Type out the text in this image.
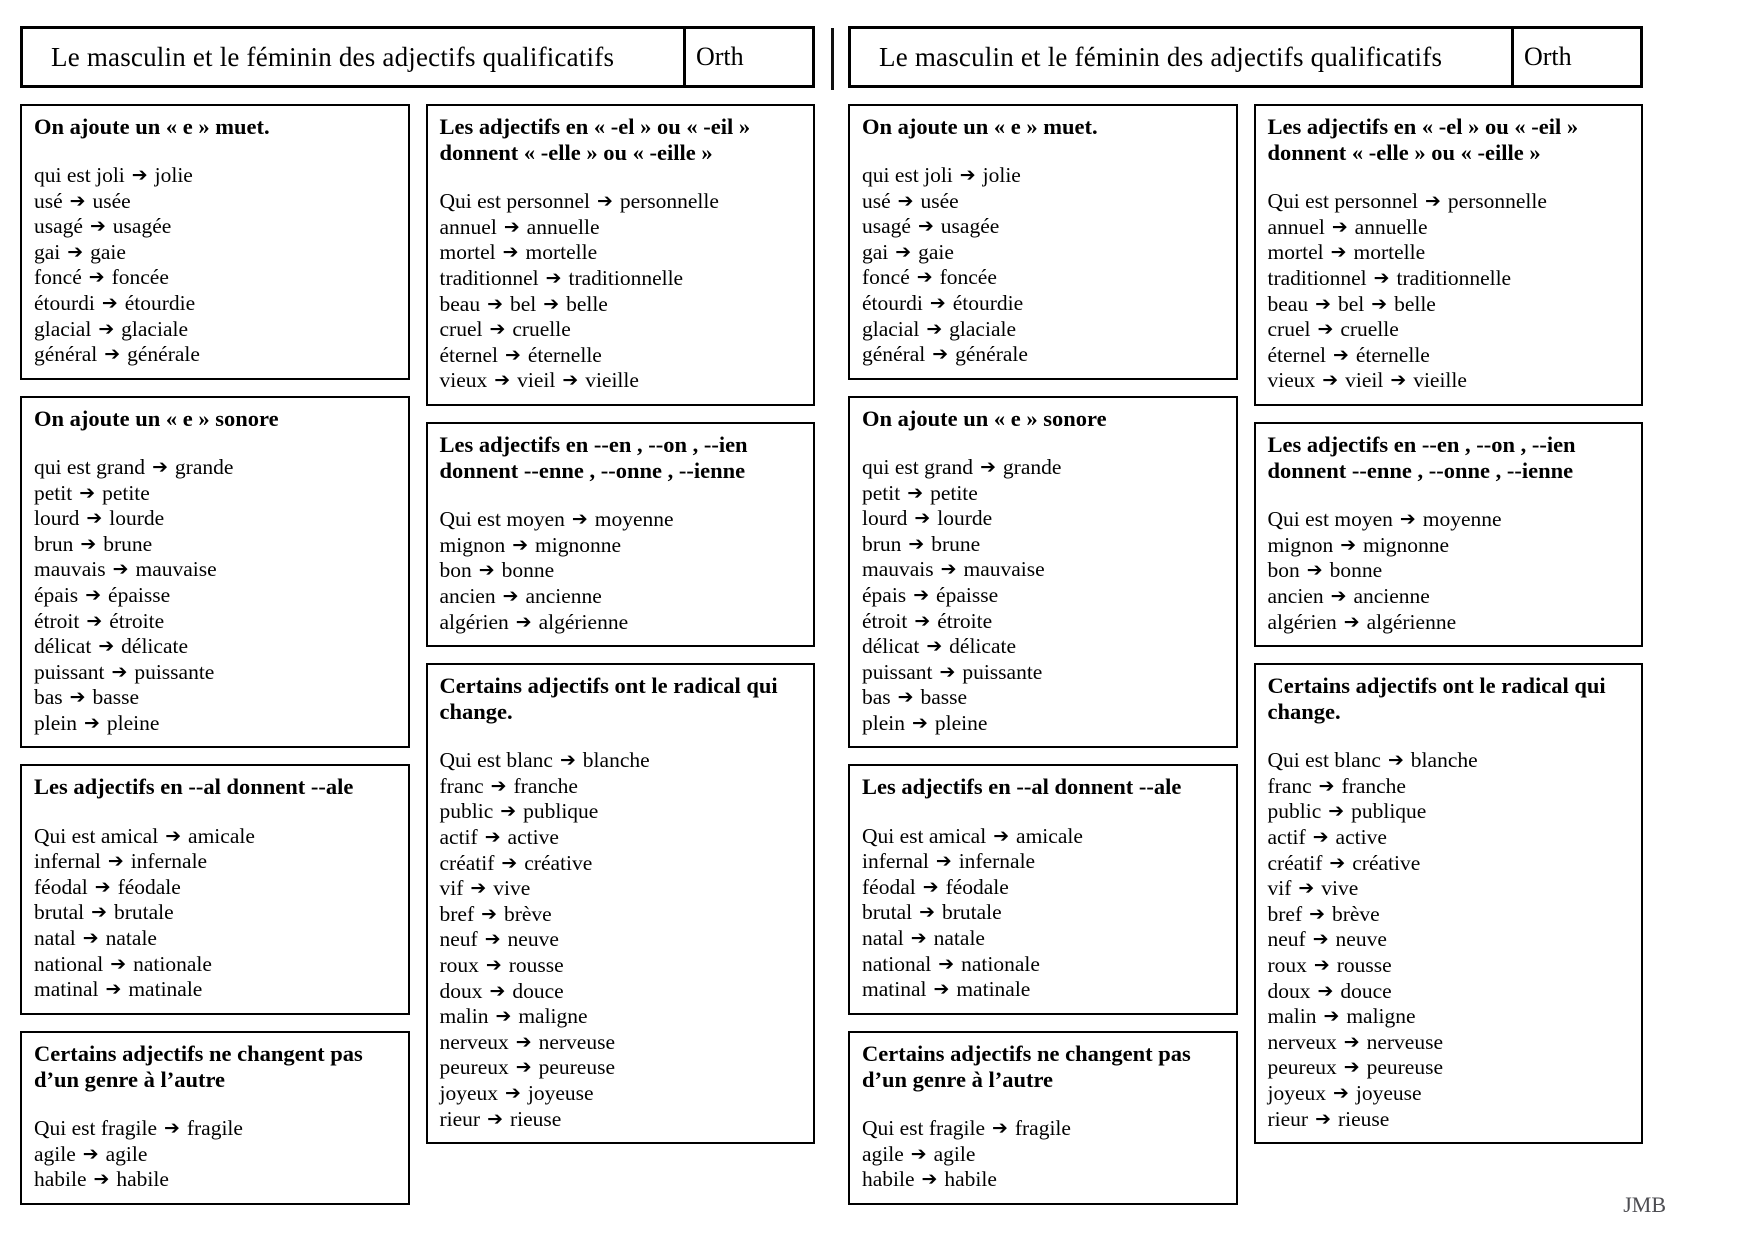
Le masculin et le féminin des adjectifs qualificatifs	Orth
On ajoute un « e » muet.
qui est joli ➔ jolie
usé ➔ usée
usagé ➔ usagée
gai ➔ gaie
foncé ➔ foncée
étourdi ➔ étourdie
glacial ➔ glaciale
général ➔ générale
On ajoute un « e » sonore
qui est grand ➔ grande
petit ➔ petite
lourd ➔ lourde
brun ➔ brune
mauvais ➔ mauvaise
épais ➔ épaisse
étroit ➔ étroite
délicat ➔ délicate
puissant ➔ puissante
bas ➔ basse
plein ➔ pleine
Les adjectifs en --al donnent --ale
Qui est amical ➔ amicale
infernal ➔ infernale
féodal ➔ féodale
brutal ➔ brutale
natal ➔ natale
national ➔ nationale
matinal ➔ matinale
Certains adjectifs ne changent pas d’un genre à l’autre
Qui est fragile ➔ fragile
agile ➔ agile
habile ➔ habile
Les adjectifs en « -el » ou « -eil » donnent « -elle » ou « -eille »
Qui est personnel ➔ personnelle
annuel ➔ annuelle
mortel ➔ mortelle
traditionnel ➔ traditionnelle
beau ➔ bel ➔ belle
cruel ➔ cruelle
éternel ➔ éternelle
vieux ➔ vieil ➔ vieille
Les adjectifs en --en , --on , --ien donnent --enne , --onne , --ienne
Qui est moyen ➔ moyenne
mignon ➔ mignonne
bon ➔ bonne
ancien ➔ ancienne
algérien ➔ algérienne
Certains adjectifs ont le radical qui change.
Qui est blanc ➔ blanche
franc ➔ franche
public ➔ publique
actif ➔ active
créatif ➔ créative
vif ➔ vive
bref ➔ brève
neuf ➔ neuve
roux ➔ rousse
doux ➔ douce
malin ➔ maligne
nerveux ➔ nerveuse
peureux ➔ peureuse
joyeux ➔ joyeuse
rieur ➔ rieuse
Le masculin et le féminin des adjectifs qualificatifs	Orth
On ajoute un « e » muet.
qui est joli ➔ jolie
usé ➔ usée
usagé ➔ usagée
gai ➔ gaie
foncé ➔ foncée
étourdi ➔ étourdie
glacial ➔ glaciale
général ➔ générale
On ajoute un « e » sonore
qui est grand ➔ grande
petit ➔ petite
lourd ➔ lourde
brun ➔ brune
mauvais ➔ mauvaise
épais ➔ épaisse
étroit ➔ étroite
délicat ➔ délicate
puissant ➔ puissante
bas ➔ basse
plein ➔ pleine
Les adjectifs en --al donnent --ale
Qui est amical ➔ amicale
infernal ➔ infernale
féodal ➔ féodale
brutal ➔ brutale
natal ➔ natale
national ➔ nationale
matinal ➔ matinale
Certains adjectifs ne changent pas d’un genre à l’autre
Qui est fragile ➔ fragile
agile ➔ agile
habile ➔ habile
Les adjectifs en « -el » ou « -eil » donnent « -elle » ou « -eille »
Qui est personnel ➔ personnelle
annuel ➔ annuelle
mortel ➔ mortelle
traditionnel ➔ traditionnelle
beau ➔ bel ➔ belle
cruel ➔ cruelle
éternel ➔ éternelle
vieux ➔ vieil ➔ vieille
Les adjectifs en --en , --on , --ien donnent --enne , --onne , --ienne
Qui est moyen ➔ moyenne
mignon ➔ mignonne
bon ➔ bonne
ancien ➔ ancienne
algérien ➔ algérienne
Certains adjectifs ont le radical qui change.
Qui est blanc ➔ blanche
franc ➔ franche
public ➔ publique
actif ➔ active
créatif ➔ créative
vif ➔ vive
bref ➔ brève
neuf ➔ neuve
roux ➔ rousse
doux ➔ douce
malin ➔ maligne
nerveux ➔ nerveuse
peureux ➔ peureuse
joyeux ➔ joyeuse
rieur ➔ rieuse
JMB
